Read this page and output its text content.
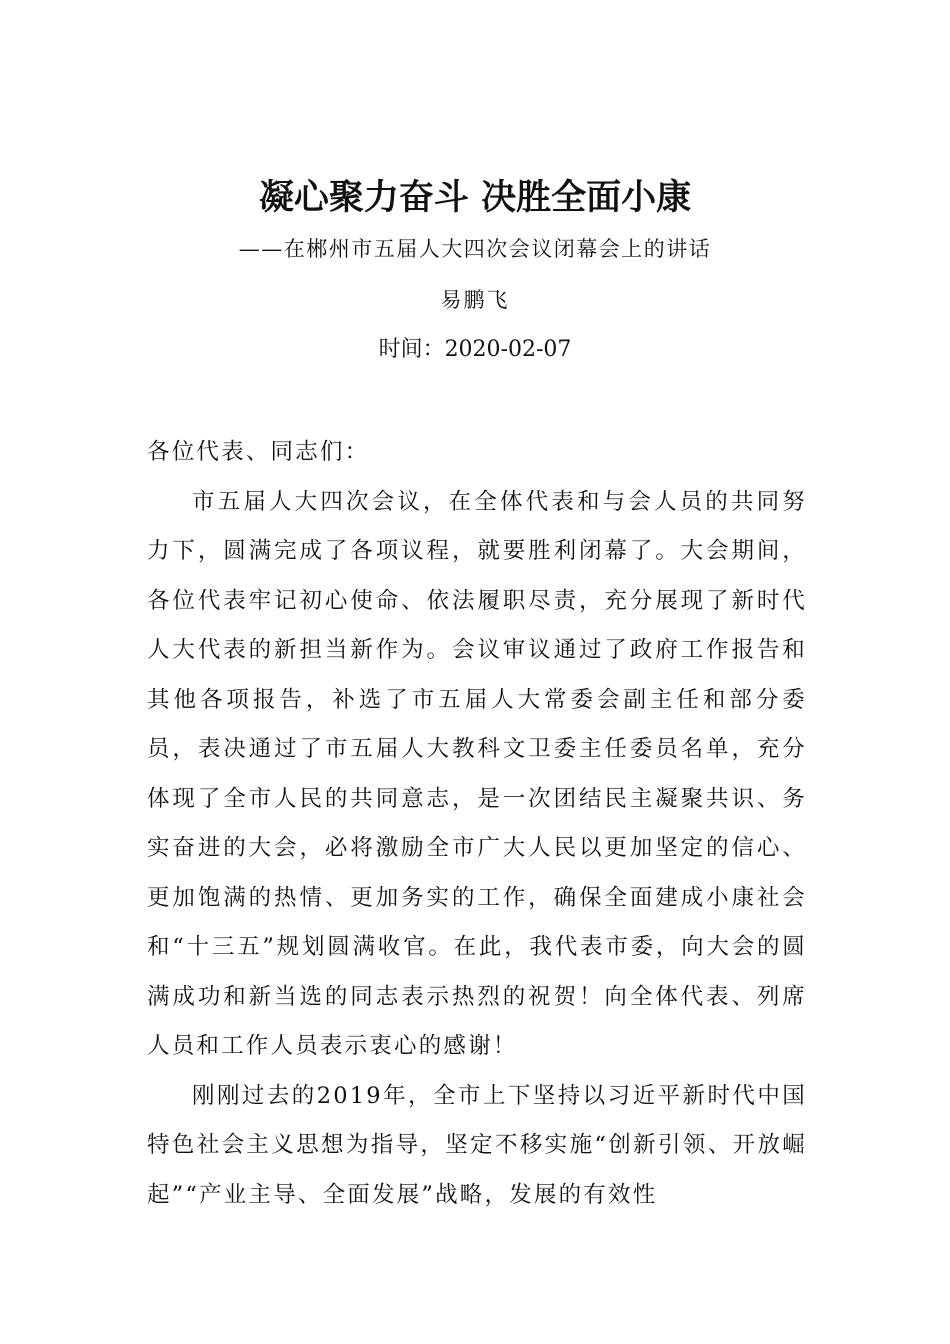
凝心聚力奋斗 决胜全面小康
——在郴州市五届人大四次会议闭幕会上的讲话
易鹏飞
时间：2020-02-07

各位代表、同志们：

市五届人大四次会议，在全体代表和与会人员的共同努力下，圆满完成了各项议程，就要胜利闭幕了。大会期间，各位代表牢记初心使命、依法履职尽责，充分展现了新时代人大代表的新担当新作为。会议审议通过了政府工作报告和其他各项报告，补选了市五届人大常委会副主任和部分委员，表决通过了市五届人大教科文卫委主任委员名单，充分体现了全市人民的共同意志，是一次团结民主凝聚共识、务实奋进的大会，必将激励全市广大人民以更加坚定的信心、更加饱满的热情、更加务实的工作，确保全面建成小康社会和“十三五”规划圆满收官。在此，我代表市委，向大会的圆满成功和新当选的同志表示热烈的祝贺！向全体代表、列席人员和工作人员表示衷心的感谢！

刚刚过去的2019年，全市上下坚持以习近平新时代中国特色社会主义思想为指导，坚定不移实施“创新引领、开放崛起”“产业主导、全面发展”战略，发展的有效性
